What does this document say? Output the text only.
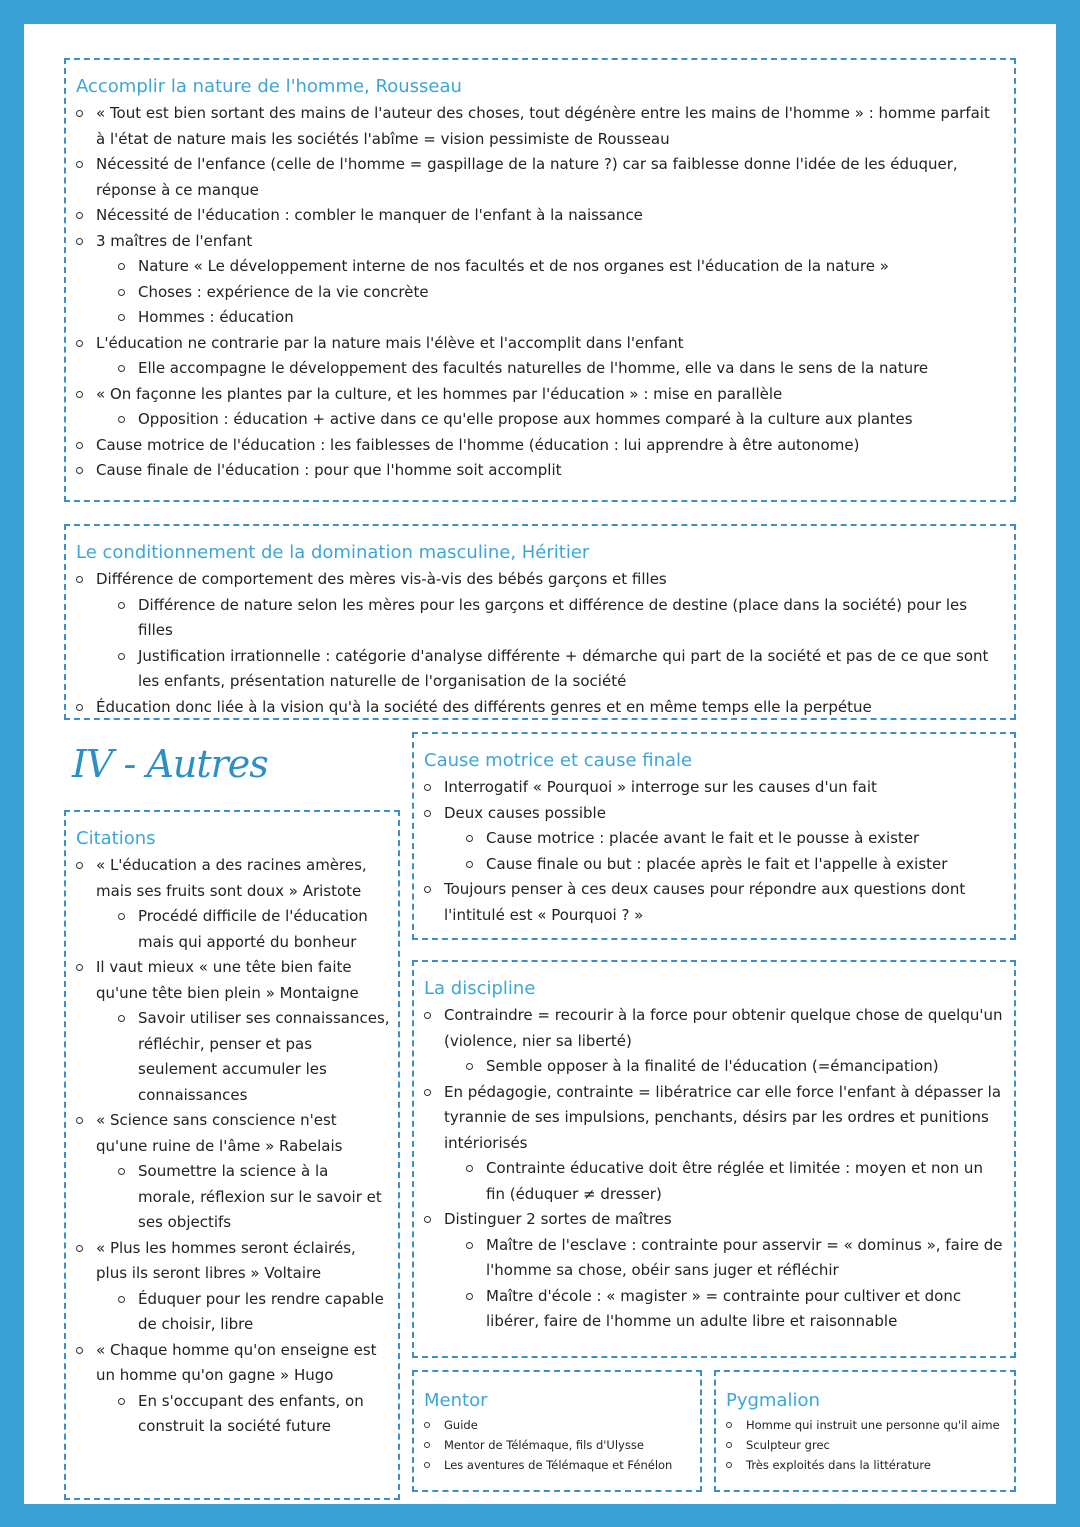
Accomplir la nature de l'homme, Rousseau
« Tout est bien sortant des mains de l'auteur des choses, tout dégénère entre les mains de l'homme » : homme parfait à l'état de nature mais les sociétés l'abîme = vision pessimiste de Rousseau
Nécessité de l'enfance (celle de l'homme = gaspillage de la nature ?) car sa faiblesse donne l'idée de les éduquer, réponse à ce manque
Nécessité de l'éducation : combler le manquer de l'enfant à la naissance
3 maîtres de l'enfant
Nature « Le développement interne de nos facultés et de nos organes est l'éducation de la nature »
Choses : expérience de la vie concrète
Hommes : éducation
L'éducation ne contrarie par la nature mais l'élève et l'accomplit dans l'enfant
Elle accompagne le développement des facultés naturelles de l'homme, elle va dans le sens de la nature
« On façonne les plantes par la culture, et les hommes par l'éducation » : mise en parallèle
Opposition : éducation + active dans ce qu'elle propose aux hommes comparé à la culture aux plantes
Cause motrice de l'éducation : les faiblesses de l'homme (éducation : lui apprendre à être autonome)
Cause finale de l'éducation : pour que l'homme soit accomplit
Le conditionnement de la domination masculine, Héritier
Différence de comportement des mères vis-à-vis des bébés garçons et filles
Différence de nature selon les mères pour les garçons et différence de destine (place dans la société) pour les filles
Justification irrationnelle : catégorie d'analyse différente + démarche qui part de la société et pas de ce que sont les enfants, présentation naturelle de l'organisation de la société
Éducation donc liée à la vision qu'à la société des différents genres et en même temps elle la perpétue
IV - Autres
Citations
« L'éducation a des racines amères, mais ses fruits sont doux » Aristote
Procédé difficile de l'éducation mais qui apporté du bonheur
Il vaut mieux « une tête bien faite qu'une tête bien plein » Montaigne
Savoir utiliser ses connaissances, réfléchir, penser et pas seulement accumuler les connaissances
« Science sans conscience n'est qu'une ruine de l'âme » Rabelais
Soumettre la science à la morale, réflexion sur le savoir et ses objectifs
« Plus les hommes seront éclairés, plus ils seront libres » Voltaire
Éduquer pour les rendre capable de choisir, libre
« Chaque homme qu'on enseigne est un homme qu'on gagne » Hugo
En s'occupant des enfants, on construit la société future
Cause motrice et cause finale
Interrogatif « Pourquoi » interroge sur les causes d'un fait
Deux causes possible
Cause motrice : placée avant le fait et le pousse à exister
Cause finale ou but : placée après le fait et l'appelle à exister
Toujours penser à ces deux causes pour répondre aux questions dont l'intitulé est « Pourquoi ? »
La discipline
Contraindre = recourir à la force pour obtenir quelque chose de quelqu'un (violence, nier sa liberté)
Semble opposer à la finalité de l'éducation (=émancipation)
En pédagogie, contrainte = libératrice car elle force l'enfant à dépasser la tyrannie de ses impulsions, penchants, désirs par les ordres et punitions intériorisés
Contrainte éducative doit être réglée et limitée : moyen et non un fin (éduquer ≠ dresser)
Distinguer 2 sortes de maîtres
Maître de l'esclave : contrainte pour asservir = « dominus », faire de l'homme sa chose, obéir sans juger et réfléchir
Maître d'école : « magister » = contrainte pour cultiver et donc libérer, faire de l'homme un adulte libre et raisonnable
Mentor
Guide
Mentor de Télémaque, fils d'Ulysse
Les aventures de Télémaque et Fénélon
Pygmalion
Homme qui instruit une personne qu'il aime
Sculpteur grec
Très exploités dans la littérature
